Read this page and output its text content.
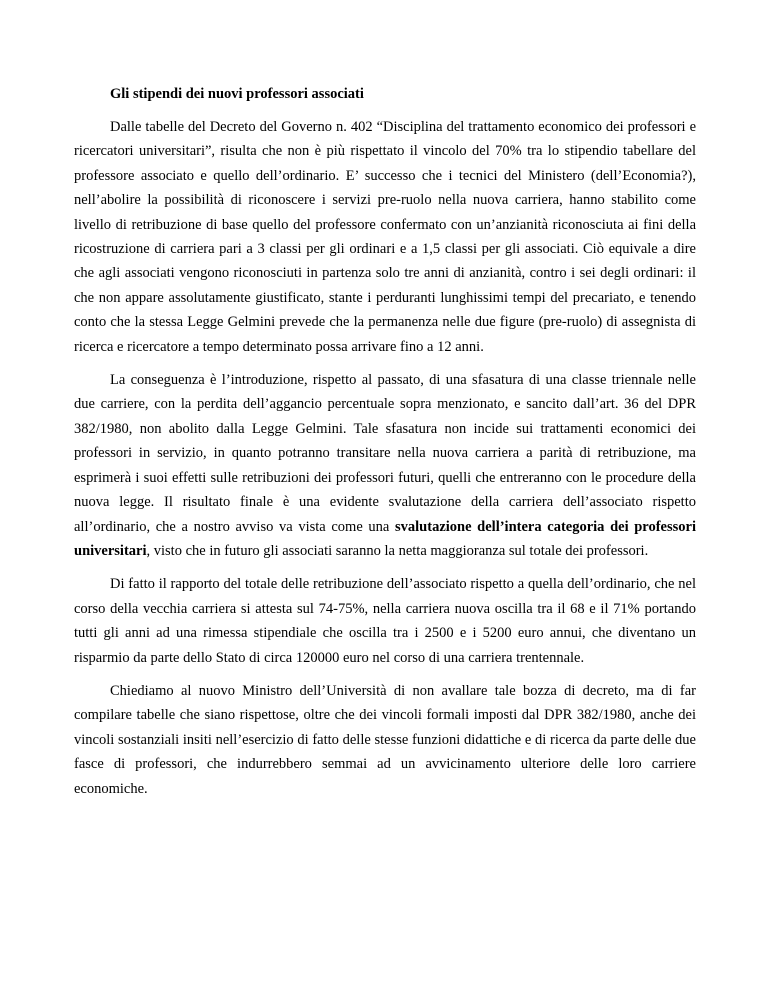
Gli stipendi dei nuovi professori associati

Dalle tabelle del Decreto del Governo n. 402 “Disciplina del trattamento economico dei professori e ricercatori universitari”, risulta che non è più rispettato il vincolo del 70% tra lo stipendio tabellare del professore associato e quello dell’ordinario. E’ successo che i tecnici del Ministero (dell’Economia?), nell’abolire la possibilità di riconoscere i servizi pre-ruolo nella nuova carriera, hanno stabilito come livello di retribuzione di base quello del professore confermato con un’anzianità riconosciuta ai fini della ricostruzione di carriera pari a 3 classi per gli ordinari e a 1,5 classi per gli associati. Ciò equivale a dire che agli associati vengono riconosciuti in partenza solo tre anni di anzianità, contro i sei degli ordinari: il che non appare assolutamente giustificato, stante i perduranti lunghissimi tempi del precariato, e tenendo conto che la stessa Legge Gelmini prevede che la permanenza nelle due figure (pre-ruolo) di assegnista di ricerca e ricercatore a tempo determinato possa arrivare fino a 12 anni.

La conseguenza è l’introduzione, rispetto al passato, di una sfasatura di una classe triennale nelle due carriere, con la perdita dell’aggancio percentuale sopra menzionato, e sancito dall’art. 36 del DPR 382/1980, non abolito dalla Legge Gelmini. Tale sfasatura non incide sui trattamenti economici dei professori in servizio, in quanto potranno transitare nella nuova carriera a parità di retribuzione, ma esprimerà i suoi effetti sulle retribuzioni dei professori futuri, quelli che entreranno con le procedure della nuova legge. Il risultato finale è una evidente svalutazione della carriera dell’associato rispetto all’ordinario, che a nostro avviso va vista come una svalutazione dell’intera categoria dei professori universitari, visto che in futuro gli associati saranno la netta maggioranza sul totale dei professori.

Di fatto il rapporto del totale delle retribuzione dell’associato rispetto a quella dell’ordinario, che nel corso della vecchia carriera si attesta sul 74-75%, nella carriera nuova oscilla tra il 68 e il 71% portando tutti gli anni ad una rimessa stipendiale che oscilla tra i 2500 e i 5200 euro annui, che diventano un risparmio da parte dello Stato di circa 120000 euro nel corso di una carriera trentennale.

Chiediamo al nuovo Ministro dell’Università di non avallare tale bozza di decreto, ma di far compilare tabelle che siano rispettose, oltre che dei vincoli formali imposti dal DPR 382/1980, anche dei vincoli sostanziali insiti nell’esercizio di fatto delle stesse funzioni didattiche e di ricerca da parte delle due fasce di professori, che indurrebbero semmai ad un avvicinamento ulteriore delle loro carriere economiche.
